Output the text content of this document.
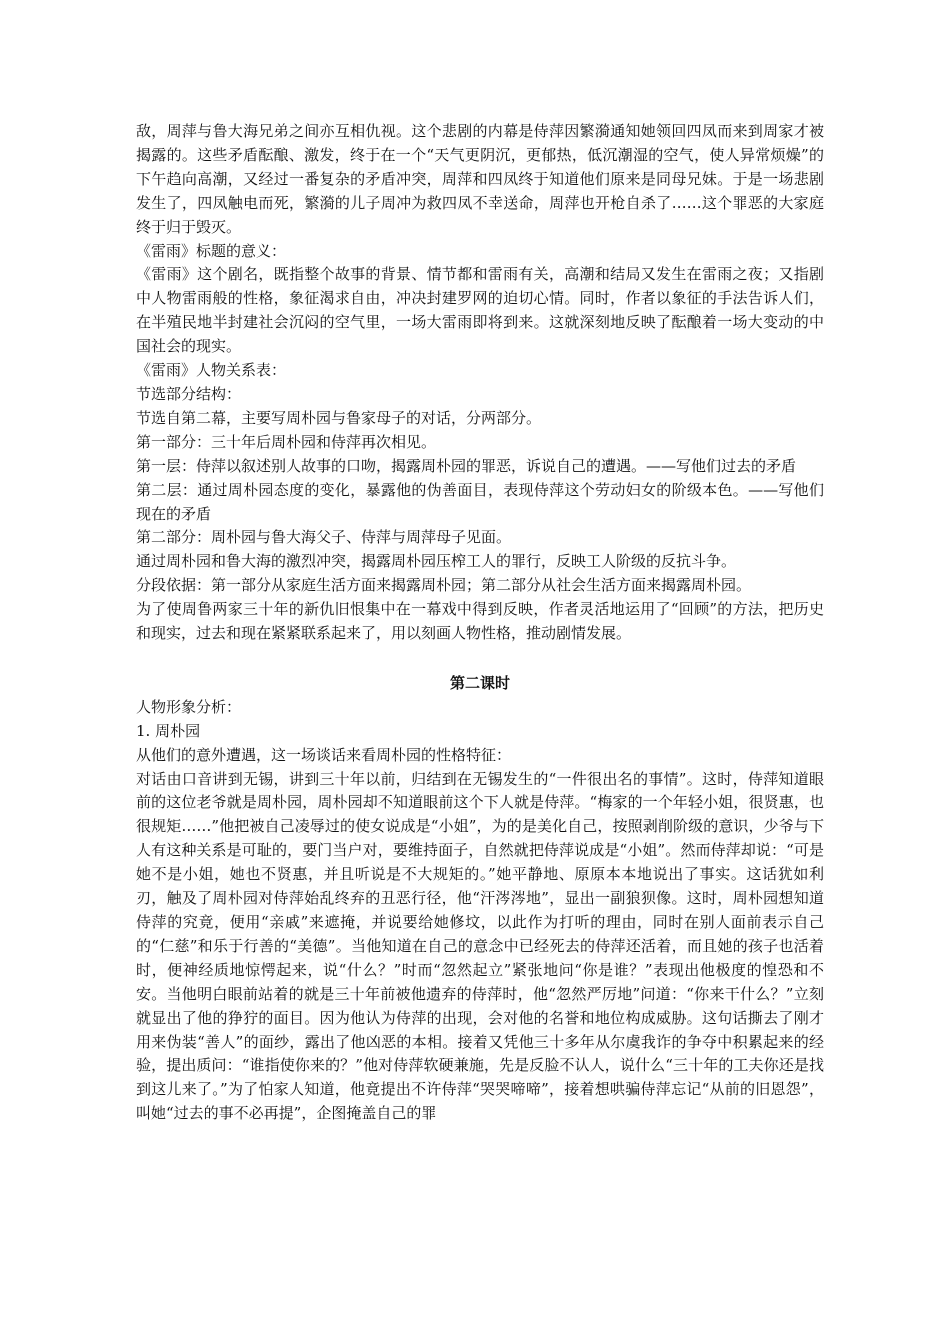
敌，周萍与鲁大海兄弟之间亦互相仇视。这个悲剧的内幕是侍萍因繁漪通知她领回四凤而来到周家才被揭露的。这些矛盾酝酿、激发，终于在一个“天气更阴沉，更郁热，低沉潮湿的空气，使人异常烦燥”的下午趋向高潮，又经过一番复杂的矛盾冲突，周萍和四凤终于知道他们原来是同母兄妹。于是一场悲剧发生了，四凤触电而死，繁漪的儿子周冲为救四凤不幸送命，周萍也开枪自杀了……这个罪恶的大家庭终于归于毁灭。

《雷雨》标题的意义：

《雷雨》这个剧名，既指整个故事的背景、情节都和雷雨有关，高潮和结局又发生在雷雨之夜；又指剧中人物雷雨般的性格，象征渴求自由，冲决封建罗网的迫切心情。同时，作者以象征的手法告诉人们，在半殖民地半封建社会沉闷的空气里，一场大雷雨即将到来。这就深刻地反映了酝酿着一场大变动的中国社会的现实。

《雷雨》人物关系表：

节选部分结构：

节选自第二幕，主要写周朴园与鲁家母子的对话，分两部分。

第一部分：三十年后周朴园和侍萍再次相见。

第一层：侍萍以叙述别人故事的口吻，揭露周朴园的罪恶，诉说自己的遭遇。——写他们过去的矛盾

第二层：通过周朴园态度的变化，暴露他的伪善面目，表现侍萍这个劳动妇女的阶级本色。——写他们现在的矛盾

第二部分：周朴园与鲁大海父子、侍萍与周萍母子见面。

通过周朴园和鲁大海的激烈冲突，揭露周朴园压榨工人的罪行，反映工人阶级的反抗斗争。

分段依据：第一部分从家庭生活方面来揭露周朴园；第二部分从社会生活方面来揭露周朴园。

为了使周鲁两家三十年的新仇旧恨集中在一幕戏中得到反映，作者灵活地运用了“回顾”的方法，把历史和现实，过去和现在紧紧联系起来了，用以刻画人物性格，推动剧情发展。

第二课时

人物形象分析：

1. 周朴园

从他们的意外遭遇，这一场谈话来看周朴园的性格特征：

对话由口音讲到无锡，讲到三十年以前，归结到在无锡发生的“一件很出名的事情”。这时，侍萍知道眼前的这位老爷就是周朴园，周朴园却不知道眼前这个下人就是侍萍。“梅家的一个年轻小姐，很贤惠，也很规矩……”他把被自己凌辱过的使女说成是“小姐”，为的是美化自己，按照剥削阶级的意识，少爷与下人有这种关系是可耻的，要门当户对，要维持面子，自然就把侍萍说成是“小姐”。然而侍萍却说：“可是她不是小姐，她也不贤惠，并且听说是不大规矩的。”她平静地、原原本本地说出了事实。这话犹如利刃，触及了周朴园对侍萍始乱终弃的丑恶行径，他“汗涔涔地”，显出一副狼狈像。这时，周朴园想知道侍萍的究竟，便用“亲戚”来遮掩，并说要给她修坟，以此作为打听的理由，同时在别人面前表示自己的“仁慈”和乐于行善的“美德”。当他知道在自己的意念中已经死去的侍萍还活着，而且她的孩子也活着时，便神经质地惊愕起来，说“什么？”时而“忽然起立”紧张地问“你是谁？”表现出他极度的惶恐和不安。当他明白眼前站着的就是三十年前被他遗弃的侍萍时，他“忽然严厉地”问道：“你来干什么？”立刻就显出了他的狰狞的面目。因为他认为侍萍的出现，会对他的名誉和地位构成威胁。这句话撕去了刚才用来伪装“善人”的面纱，露出了他凶恶的本相。接着又凭他三十多年从尔虞我诈的争夺中积累起来的经验，提出质问：“谁指使你来的？”他对侍萍软硬兼施，先是反脸不认人，说什么“三十年的工夫你还是找到这儿来了。”为了怕家人知道，他竟提出不许侍萍“哭哭啼啼”，接着想哄骗侍萍忘记“从前的旧恩怨”，叫她“过去的事不必再提”，企图掩盖自己的罪
